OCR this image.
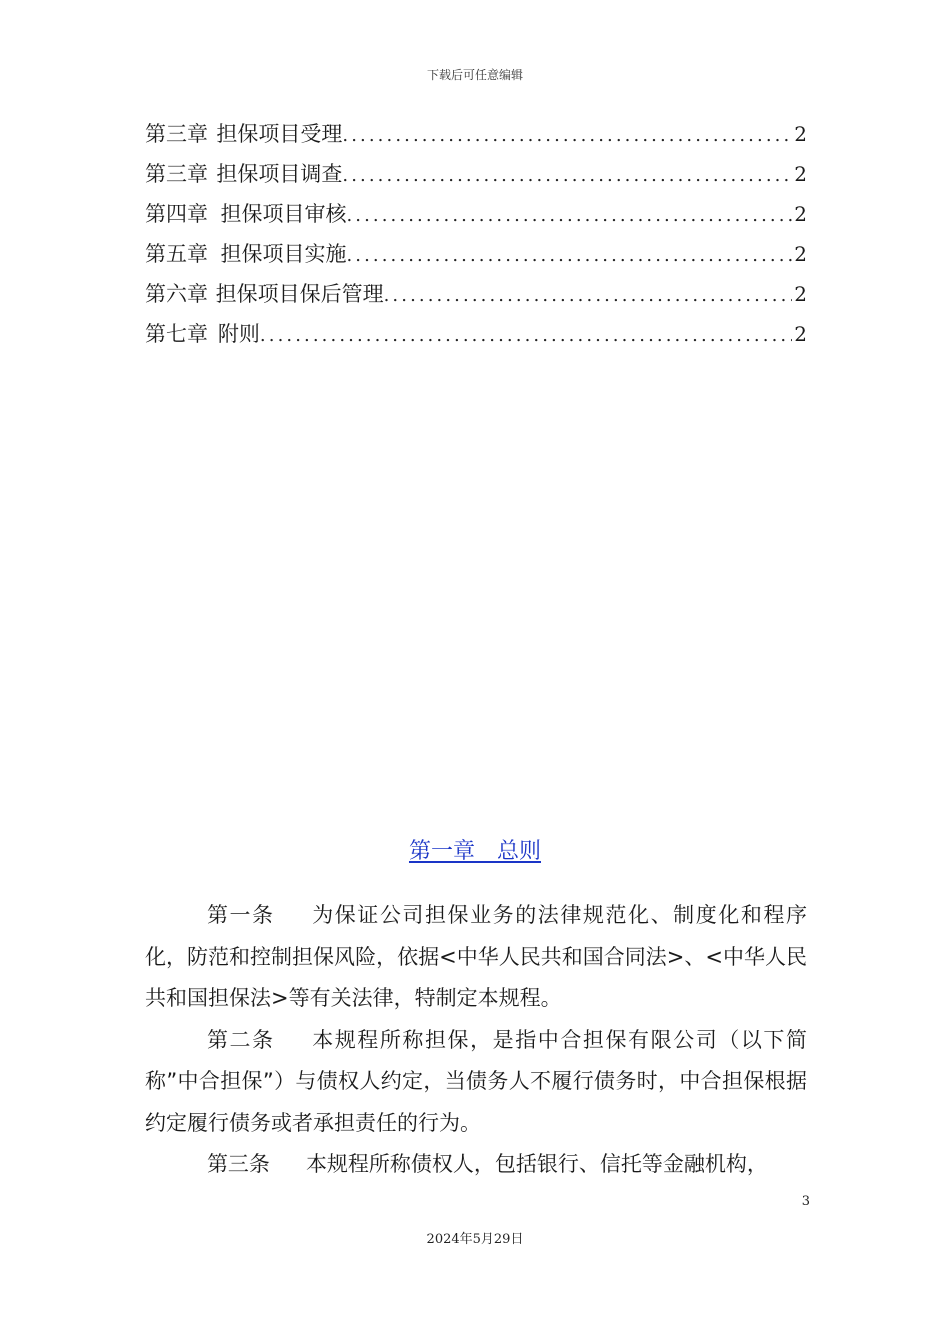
下载后可任意编辑
第三章 担保项目受理 .....	2
第三章 担保项目调查 .....	2
第四章 担保项目审核 .....	2
第五章 担保项目实施 .....	2
第六章 担保项目保后管理 .....	2
第七章 附则 .....	2
第一章　总则

第一条 为保证公司担保业务的法律规范化、制度化和程序化，防范和控制担保风险，依据<中华人民共和国合同法>、<中华人民共和国担保法>等有关法律，特制定本规程。

第二条 本规程所称担保，是指中合担保有限公司（以下简称”中合担保”）与债权人约定，当债务人不履行债务时，中合担保根据约定履行债务或者承担责任的行为。

第三条 本规程所称债权人，包括银行、信托等金融机构，

3
2024年5月29日
